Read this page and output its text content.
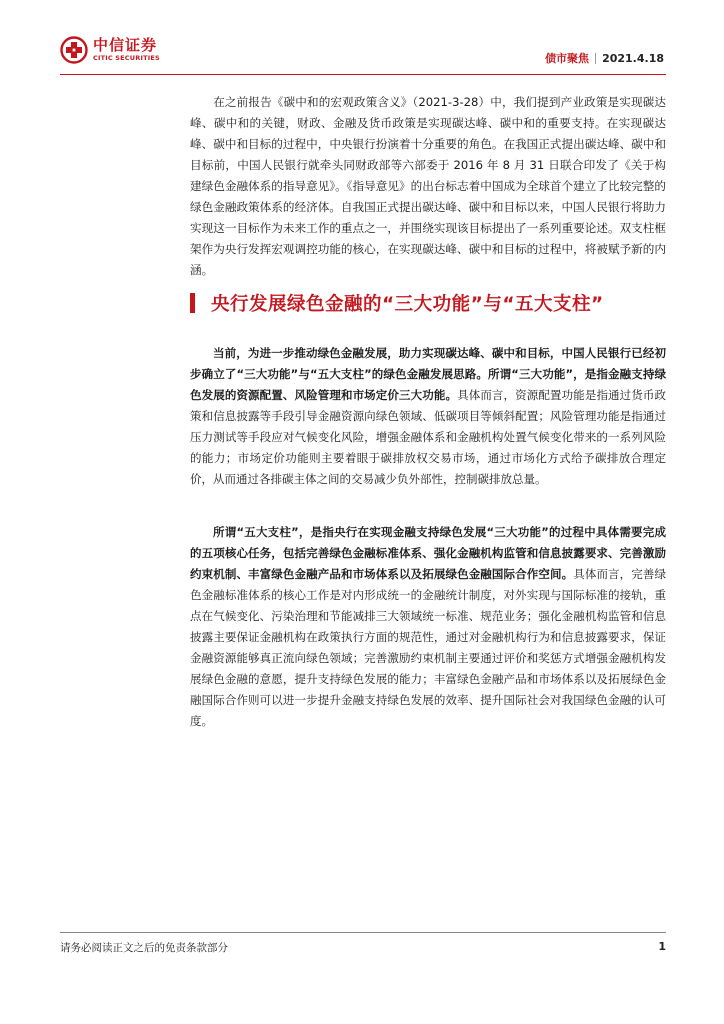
中信证券
CITIC SECURITIES	债市聚焦 2021.4.18

在之前报告《碳中和的宏观政策含义》（2021-3-28）中，我们提到产业政策是实现碳达峰、碳中和的关键，财政、金融及货币政策是实现碳达峰、碳中和的重要支持。在实现碳达峰、碳中和目标的过程中，中央银行扮演着十分重要的角色。在我国正式提出碳达峰、碳中和目标前，中国人民银行就牵头同财政部等六部委于 2016 年 8 月 31 日联合印发了《关于构建绿色金融体系的指导意见》。《指导意见》的出台标志着中国成为全球首个建立了比较完整的绿色金融政策体系的经济体。自我国正式提出碳达峰、碳中和目标以来，中国人民银行将助力实现这一目标作为未来工作的重点之一，并围绕实现该目标提出了一系列重要论述。双支柱框架作为央行发挥宏观调控功能的核心，在实现碳达峰、碳中和目标的过程中，将被赋予新的内涵。

央行发展绿色金融的“三大功能”与“五大支柱”

当前，为进一步推动绿色金融发展，助力实现碳达峰、碳中和目标，中国人民银行已经初步确立了“三大功能”与“五大支柱”的绿色金融发展思路。所谓“三大功能”，是指金融支持绿色发展的资源配置、风险管理和市场定价三大功能。具体而言，资源配置功能是指通过货币政策和信息披露等手段引导金融资源向绿色领域、低碳项目等倾斜配置；风险管理功能是指通过压力测试等手段应对气候变化风险，增强金融体系和金融机构处置气候变化带来的一系列风险的能力；市场定价功能则主要着眼于碳排放权交易市场，通过市场化方式给予碳排放合理定价，从而通过各排碳主体之间的交易减少负外部性，控制碳排放总量。

所谓“五大支柱”，是指央行在实现金融支持绿色发展“三大功能”的过程中具体需要完成的五项核心任务，包括完善绿色金融标准体系、强化金融机构监管和信息披露要求、完善激励约束机制、丰富绿色金融产品和市场体系以及拓展绿色金融国际合作空间。具体而言，完善绿色金融标准体系的核心工作是对内形成统一的金融统计制度，对外实现与国际标准的接轨，重点在气候变化、污染治理和节能减排三大领域统一标准、规范业务；强化金融机构监管和信息披露主要保证金融机构在政策执行方面的规范性，通过对金融机构行为和信息披露要求，保证金融资源能够真正流向绿色领域；完善激励约束机制主要通过评价和奖惩方式增强金融机构发展绿色金融的意愿，提升支持绿色发展的能力；丰富绿色金融产品和市场体系以及拓展绿色金融国际合作则可以进一步提升金融支持绿色发展的效率、提升国际社会对我国绿色金融的认可度。

请务必阅读正文之后的免责条款部分	1
